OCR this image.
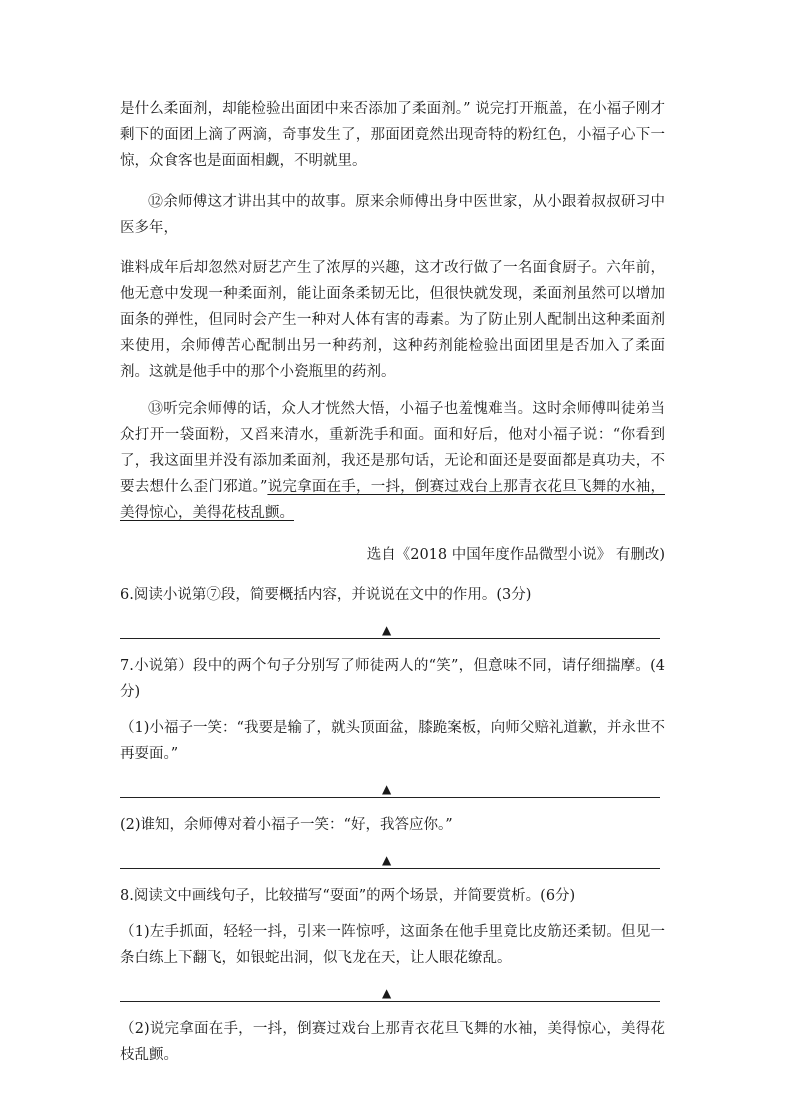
是什么柔面剂，却能检验出面团中来否添加了柔面剂。” 说完打开瓶盖，在小福子刚才剩下的面团上滴了两滴，奇事发生了，那面团竟然出现奇特的粉红色，小福子心下一惊，众食客也是面面相觑，不明就里。

⑫余师傅这才讲出其中的故事。原来余师傅出身中医世家，从小跟着叔叔研习中医多年，

谁料成年后却忽然对厨艺产生了浓厚的兴趣，这才改行做了一名面食厨子。六年前，他无意中发现一种柔面剂，能让面条柔韧无比，但很快就发现，柔面剂虽然可以增加面条的弹性，但同时会产生一种对人体有害的毒素。为了防止别人配制出这种柔面剂来使用，余师傅苦心配制出另一种药剂，这种药剂能检验出面团里是否加入了柔面剂。这就是他手中的那个小瓷瓶里的药剂。

⑬听完余师傅的话，众人才恍然大悟，小福子也羞愧难当。这时余师傅叫徒弟当众打开一袋面粉，又舀来清水，重新洗手和面。面和好后，他对小福子说：“你看到了，我这面里并没有添加柔面剂，我还是那句话，无论和面还是耍面都是真功夫，不要去想什么歪门邪道。”说完拿面在手，一抖，倒赛过戏台上那青衣花旦飞舞的水袖，美得惊心，美得花枝乱颤。

选自《2018 中国年度作品微型小说》 有删改)

6.阅读小说第⑦段，简要概括内容，并说说在文中的作用。(3分)

▲

7.小说第）段中的两个句子分别写了师徒两人的“笑”，但意味不同，请仔细揣摩。(4分)

（1)小福子一笑：“我要是输了，就头顶面盆，膝跪案板，向师父赔礼道歉，并永世不再耍面。”

▲

(2)谁知，余师傅对着小福子一笑：“好，我答应你。”

▲

8.阅读文中画线句子，比较描写“耍面”的两个场景，并简要赏析。(6分)

（1)左手抓面，轻轻一抖，引来一阵惊呼，这面条在他手里竟比皮筋还柔韧。但见一条白练上下翻飞，如银蛇出洞，似飞龙在天，让人眼花缭乱。

▲

（2)说完拿面在手，一抖，倒赛过戏台上那青衣花旦飞舞的水袖，美得惊心，美得花枝乱颤。
